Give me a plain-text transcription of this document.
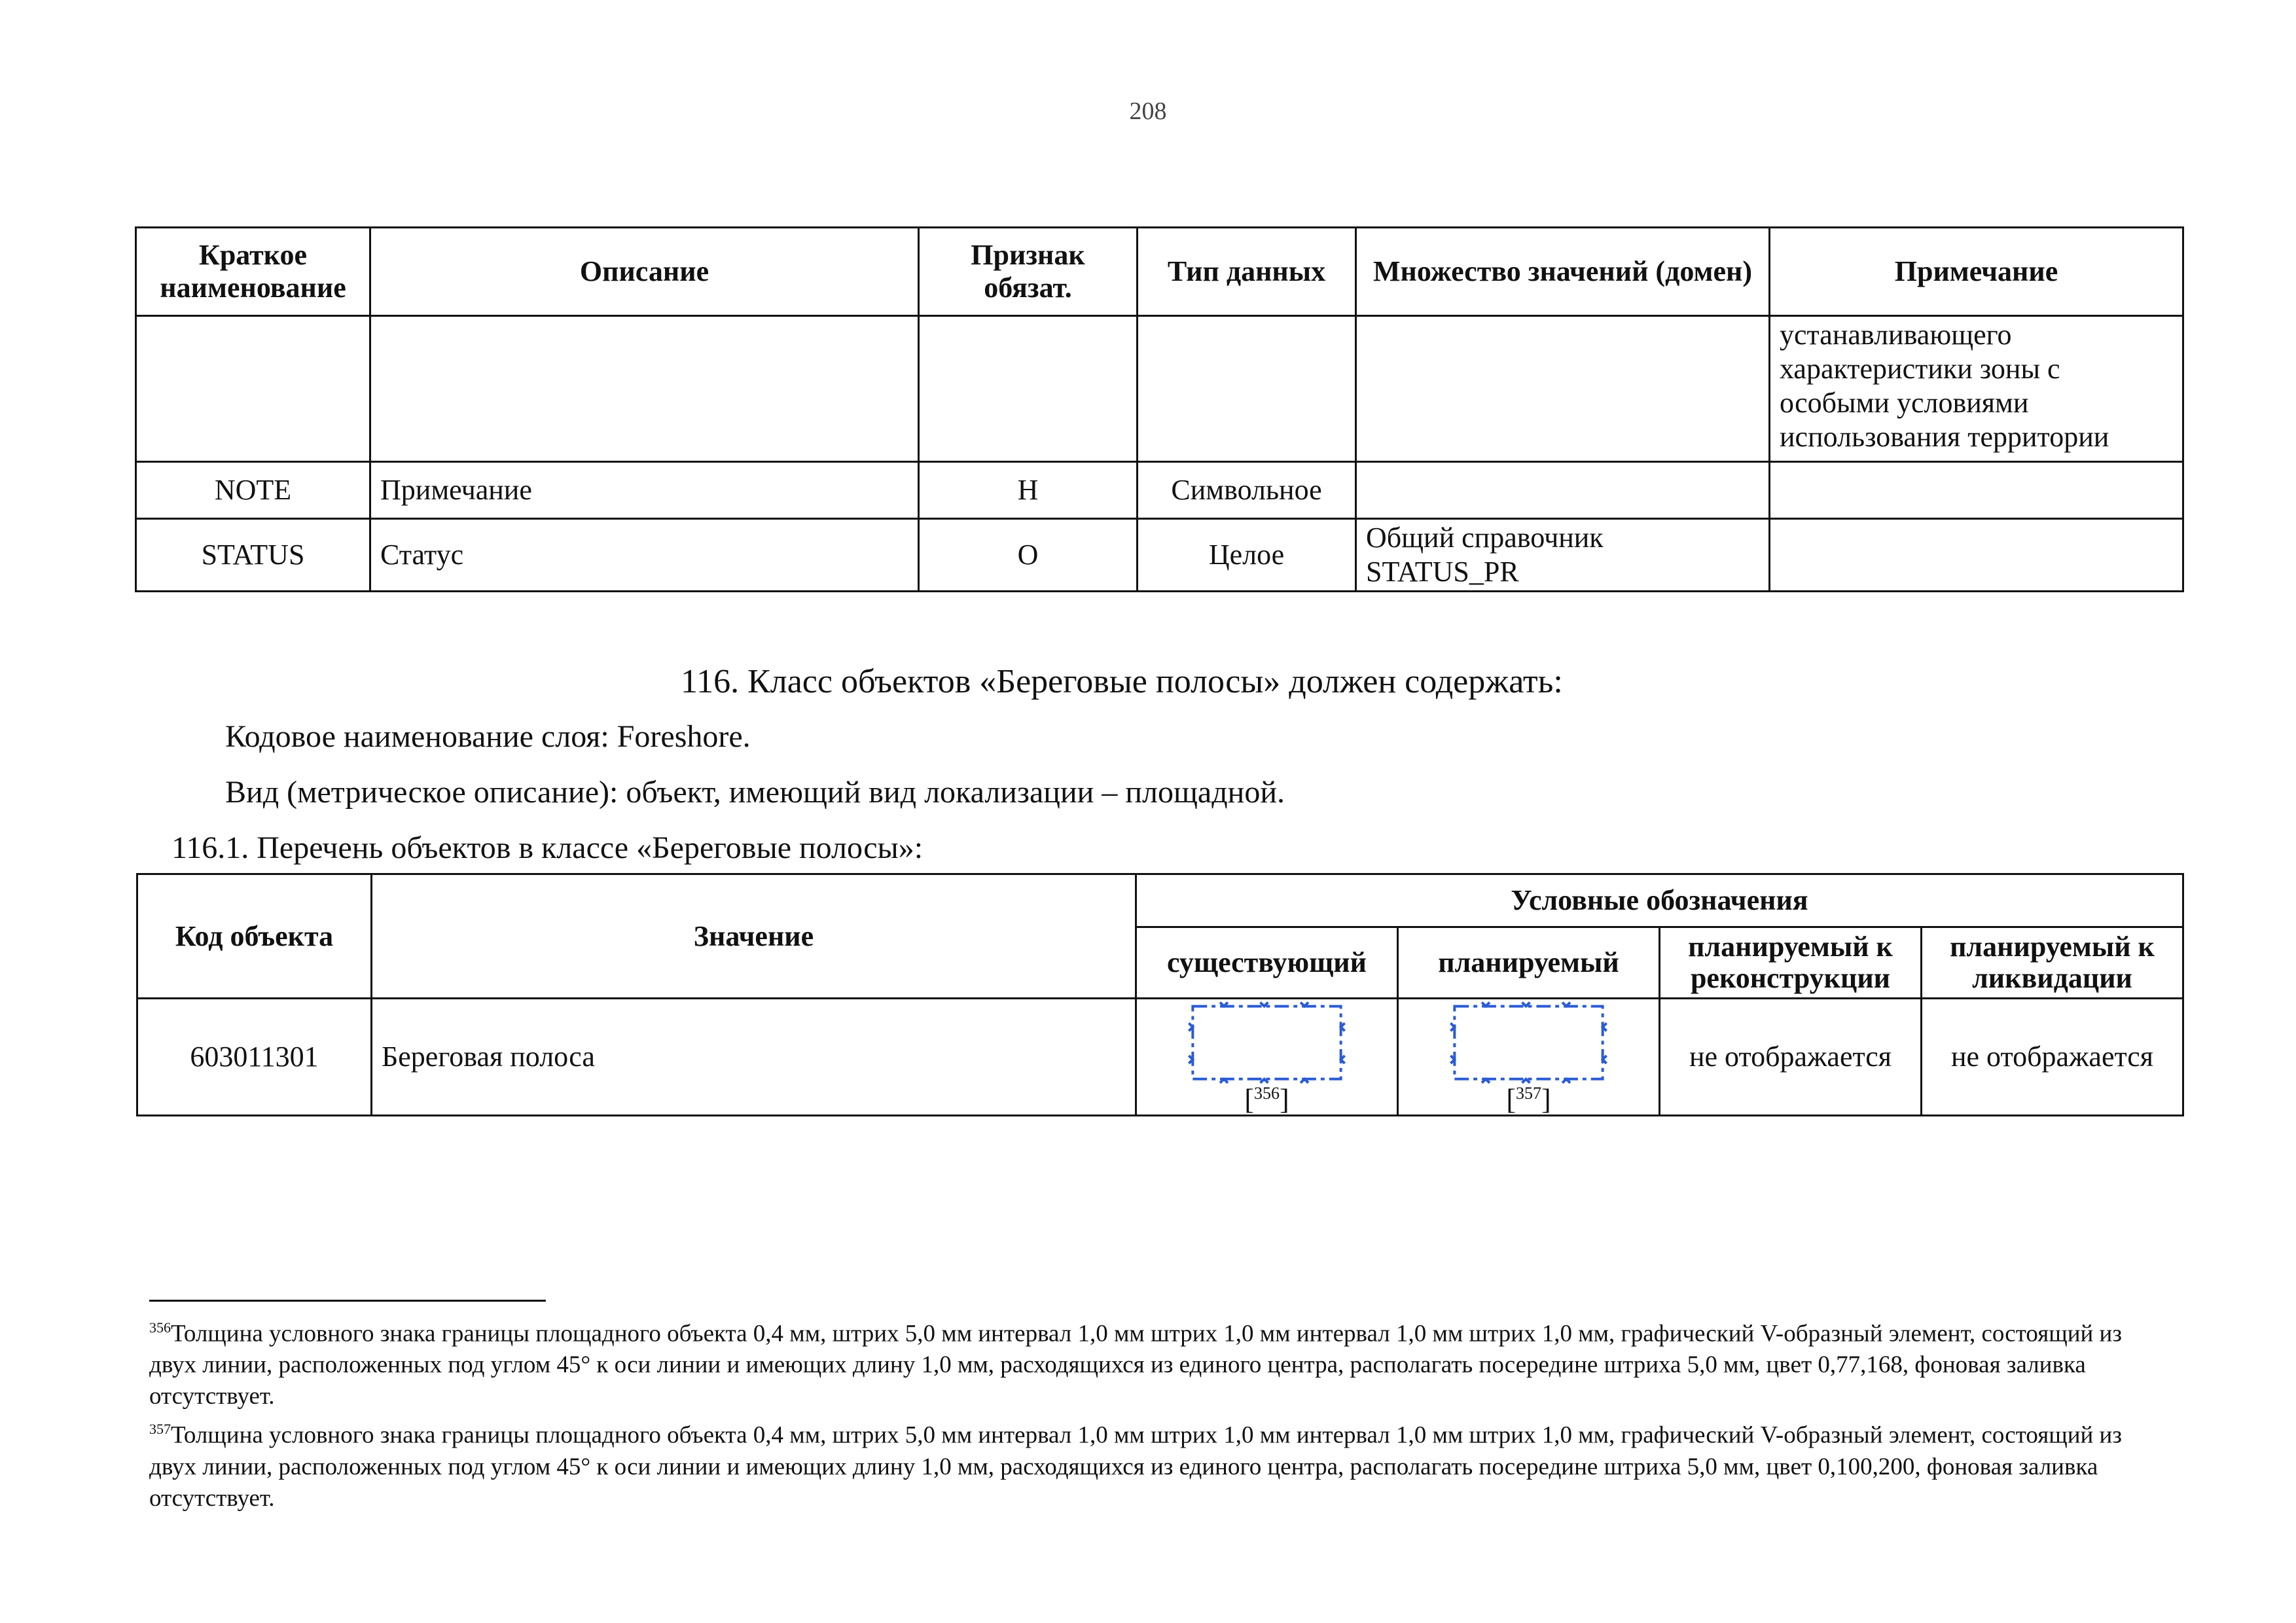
208
Краткое наименование	Описание	Признак обязат.	Тип данных	Множество значений (домен)	Примечание
					устанавливающего характеристики зоны с особыми условиями использования территории
NOTE	Примечание	Н	Символьное		
STATUS	Статус	О	Целое	Общий справочник STATUS_PR	
116. Класс объектов «Береговые полосы» должен содержать:
Кодовое наименование слоя: Foreshore.
Вид (метрическое описание): объект, имеющий вид локализации – площадной.
116.1. Перечень объектов в классе «Береговые полосы»:
Код объекта	Значение	Условные обозначения			
		существующий	планируемый	планируемый к реконструкции	планируемый к ликвидации
603011301	Береговая полоса	[$^{356}$]	[$^{357}$]	не отображается	не отображается

$^{356}$Толщина условного знака границы площадного объекта 0,4 мм, штрих 5,0 мм интервал 1,0 мм штрих 1,0 мм интервал 1,0 мм штрих 1,0 мм, графический V-образный элемент, состоящий из двух линии, расположенных под углом 45° к оси линии и имеющих длину 1,0 мм, расходящихся из единого центра, располагать посередине штриха 5,0 мм, цвет 0,77,168, фоновая заливка отсутствует.

$^{357}$Толщина условного знака границы площадного объекта 0,4 мм, штрих 5,0 мм интервал 1,0 мм штрих 1,0 мм интервал 1,0 мм штрих 1,0 мм, графический V-образный элемент, состоящий из двух линии, расположенных под углом 45° к оси линии и имеющих длину 1,0 мм, расходящихся из единого центра, располагать посередине штриха 5,0 мм, цвет 0,100,200, фоновая заливка отсутствует.
